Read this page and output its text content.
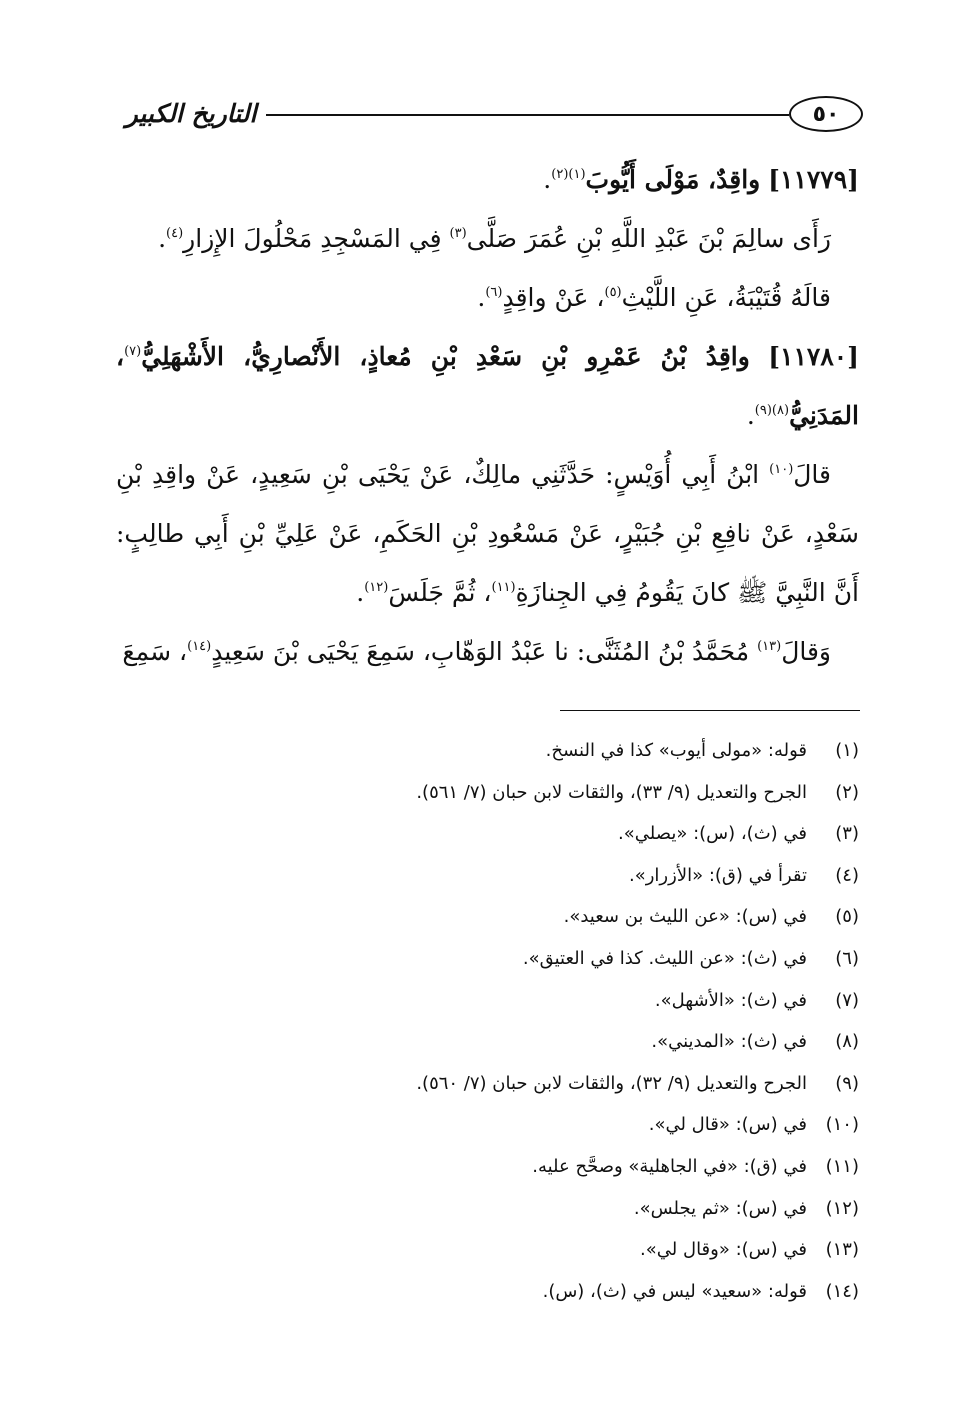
٥٠
التاريخ الكبير

[١١٧٧٩] واقِدٌ، مَوْلَى أَيُّوبَ$^{(١)(٢)}$.

رَأَى سالِمَ بْنَ عَبْدِ اللَّهِ بْنِ عُمَرَ صَلَّى$^{(٣)}$ فِي المَسْجِدِ مَحْلُولَ الإِزارِ$^{(٤)}$.

قالَهُ قُتَيْبَةُ، عَنِ اللَّيْثِ$^{(٥)}$، عَنْ واقِدٍ$^{(٦)}$.

[١١٧٨٠] واقِدُ بْنُ عَمْرِو بْنِ سَعْدِ بْنِ مُعاذٍ، الأَنْصارِيُّ، الأَشْهَلِيُّ$^{(٧)}$، المَدَنِيُّ$^{(٨)(٩)}$.

قالَ$^{(١٠)}$ ابْنُ أَبِي أُوَيْسٍ: حَدَّثَنِي مالِكٌ، عَنْ يَحْيَى بْنِ سَعِيدٍ، عَنْ واقِدِ بْنِ سَعْدٍ، عَنْ نافِعِ بْنِ جُبَيْرٍ، عَنْ مَسْعُودِ بْنِ الحَكَمِ، عَنْ عَلِيِّ بْنِ أَبِي طالِبٍ: أَنَّ النَّبِيَّ ﷺ كانَ يَقُومُ فِي الجِنازَةِ$^{(١١)}$، ثُمَّ جَلَسَ$^{(١٢)}$.

وَقالَ$^{(١٣)}$ مُحَمَّدُ بْنُ المُثَنَّى: نا عَبْدُ الوَهّابِ، سَمِعَ يَحْيَى بْنَ سَعِيدٍ$^{(١٤)}$، سَمِعَ

(١)قوله: «مولى أيوب» كذا في النسخ.
(٢)الجرح والتعديل (٩/ ٣٣)، والثقات لابن حبان (٧/ ٥٦١).
(٣)في (ث)، (س): «يصلي».
(٤)تقرأ في (ق): «الأزرار».
(٥)في (س): «عن الليث بن سعيد».
(٦)في (ث): «عن الليث. كذا في العتيق».
(٧)في (ث): «الأشهل».
(٨)في (ث): «المديني».
(٩)الجرح والتعديل (٩/ ٣٢)، والثقات لابن حبان (٧/ ٥٦٠).
(١٠)في (س): «قال لي».
(١١)في (ق): «في الجاهلية» وصحَّح عليه.
(١٢)في (س): «ثم يجلس».
(١٣)في (س): «وقال لي».
(١٤)قوله: «سعيد» ليس في (ث)، (س).
